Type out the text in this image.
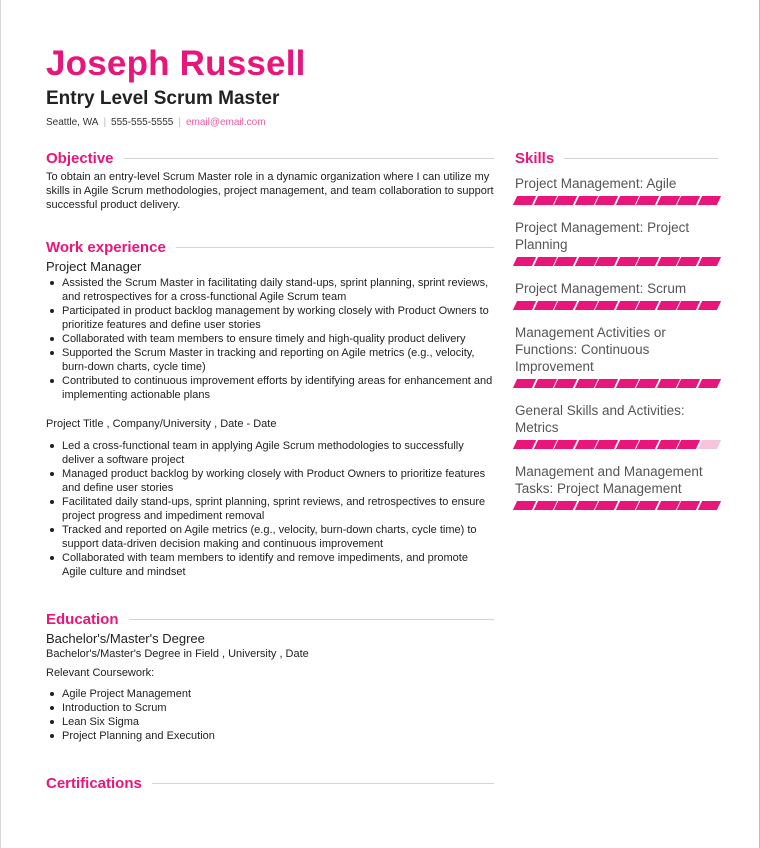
Joseph Russell
Entry Level Scrum Master
Seattle, WA | 555-555-5555 | email@email.com
Objective

To obtain an entry-level Scrum Master role in a dynamic organization where I can utilize my skills in Agile Scrum methodologies, project management, and team collaboration to support successful product delivery.

Work experience

Project Manager

Assisted the Scrum Master in facilitating daily stand-ups, sprint planning, sprint reviews, and retrospectives for a cross-functional Agile Scrum team
Participated in product backlog management by working closely with Product Owners to prioritize features and define user stories
Collaborated with team members to ensure timely and high-quality product delivery
Supported the Scrum Master in tracking and reporting on Agile metrics (e.g., velocity, burn-down charts, cycle time)
Contributed to continuous improvement efforts by identifying areas for enhancement and implementing actionable plans

Project Title , Company/University , Date - Date

Led a cross-functional team in applying Agile Scrum methodologies to successfully deliver a software project
Managed product backlog by working closely with Product Owners to prioritize features and define user stories
Facilitated daily stand-ups, sprint planning, sprint reviews, and retrospectives to ensure project progress and impediment removal
Tracked and reported on Agile metrics (e.g., velocity, burn-down charts, cycle time) to support data-driven decision making and continuous improvement
Collaborated with team members to identify and remove impediments, and promote Agile culture and mindset
Education

Bachelor's/Master's Degree

Bachelor's/Master's Degree in Field , University , Date

Relevant Coursework:

Agile Project Management
Introduction to Scrum
Lean Six Sigma
Project Planning and Execution
Certifications
Skills
Project Management: Agile
Project Management: Project Planning
Project Management: Scrum
Management Activities or Functions: Continuous Improvement
General Skills and Activities: Metrics
Management and Management Tasks: Project Management
